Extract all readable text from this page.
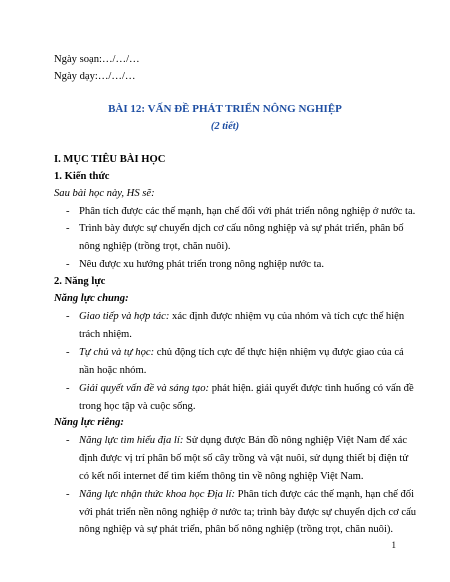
Ngày soạn:…/…/…
Ngày dạy:…/…/…
BÀI 12: VẤN ĐỀ PHÁT TRIỂN NÔNG NGHIỆP
(2 tiết)
I. MỤC TIÊU BÀI HỌC
1. Kiến thức
Sau bài học này, HS sẽ:
- Phân tích được các thế mạnh, hạn chế đối với phát triển nông nghiệp ở nước ta.
- Trình bày được sự chuyển dịch cơ cấu nông nghiệp và sự phát triển, phân bố
nông nghiệp (trồng trọt, chăn nuôi).
- Nêu được xu hướng phát triển trong nông nghiệp nước ta.
2. Năng lực
Năng lực chung:
- Giao tiếp và hợp tác: xác định được nhiệm vụ của nhóm và tích cực thể hiện
trách nhiệm.
- Tự chủ và tự học: chủ động tích cực để thực hiện nhiệm vụ được giao của cá
nần hoặc nhóm.
- Giải quyết vấn đề và sáng tạo: phát hiện. giải quyết được tình huống có vấn đề
trong học tập và cuộc sống.
Năng lực riêng:
- Năng lực tìm hiểu địa lí: Sử dụng được Bản đồ nông nghiệp Việt Nam để xác
định được vị trí phân bố một số cây trồng và vật nuôi, sử dụng thiết bị điện tử
có kết nối internet để tìm kiếm thông tin về nông nghiệp Việt Nam.
- Năng lực nhận thức khoa học Địa lí: Phân tích được các thế mạnh, hạn chế đối
với phát triển nền nông nghiệp ở nước ta; trình bày được sự chuyển dịch cơ cấu
nông nghiệp và sự phát triển, phân bố nông nghiệp (trồng trọt, chăn nuôi).
1
